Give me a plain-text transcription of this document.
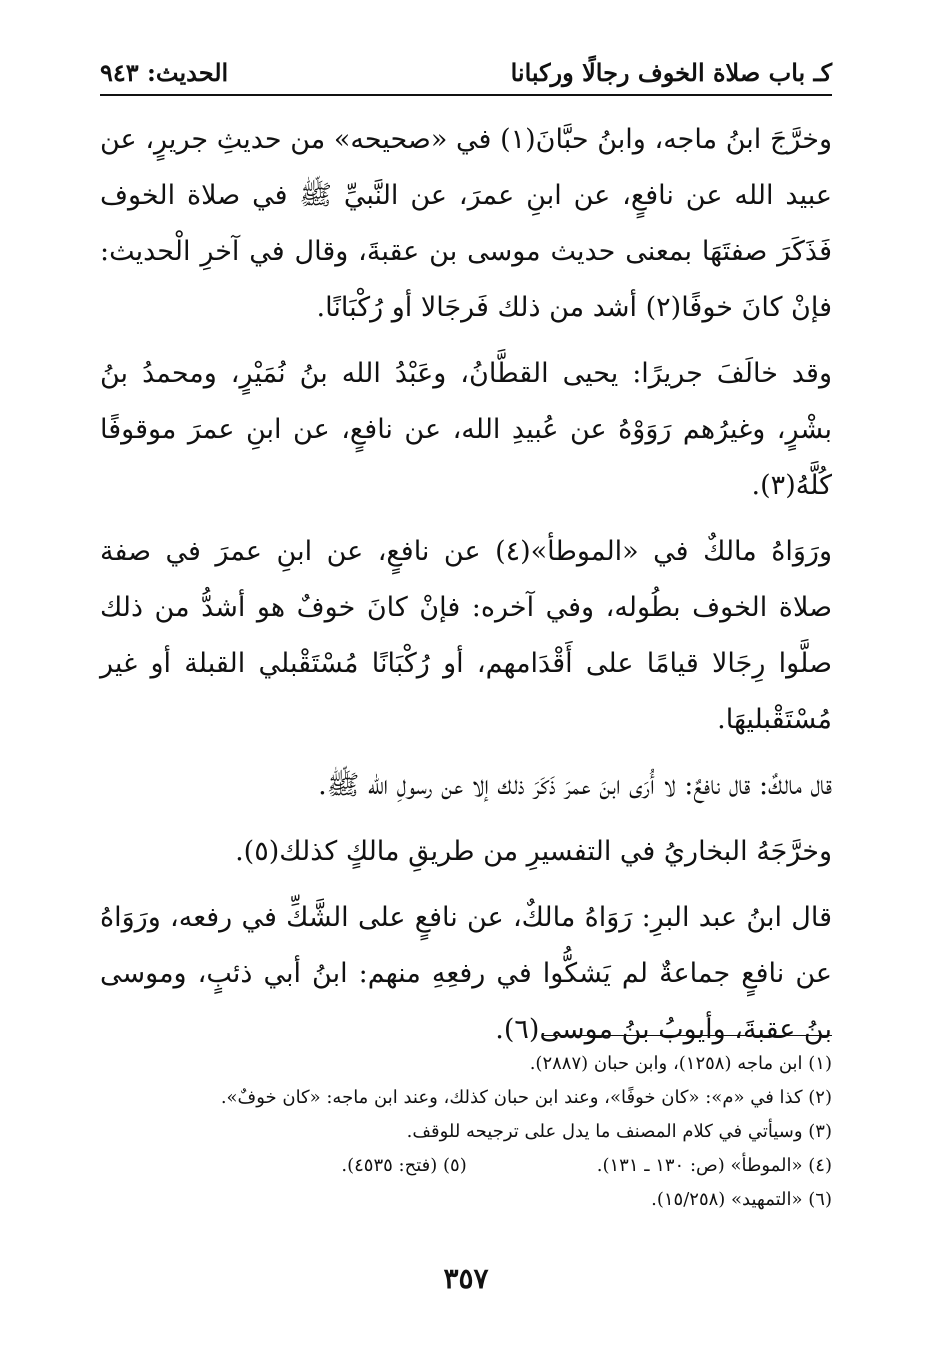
كـ باب صلاة الخوف رجالًا وركبانا
الحديث: ٩٤٣

وخرَّجَ ابنُ ماجه، وابنُ حبَّانَ(١) في «صحيحه» من حديثِ جريرٍ، عن عبيد الله عن نافعٍ، عن ابنِ عمرَ، عن النَّبيِّ ﷺ في صلاة الخوف فَذَكَرَ صفتَهَا بمعنى حديث موسى بن عقبةَ، وقال في آخرِ الْحديث: فإنْ كانَ خوفًا(٢) أشد من ذلك فَرجَالا أو رُكْبَانًا.

وقد خالَفَ جريرًا: يحيى القطَّانُ، وعَبْدُ الله بنُ نُمَيْرٍ، ومحمدُ بنُ بشْرٍ، وغيرُهم رَوَوْهُ عن عُبيدِ الله، عن نافعٍ، عن ابنِ عمرَ موقوفًا كُلَّهُ(٣).

ورَوَاهُ مالكٌ في «الموطأ»(٤) عن نافعٍ، عن ابنِ عمرَ في صفة صلاة الخوف بطُوله، وفي آخره: فإنْ كانَ خوفٌ هو أشدُّ من ذلك صلَّوا رِجَالا قيامًا على أَقْدَامهم، أو رُكْبَانًا مُسْتَقْبلي القبلة أو غير مُسْتَقْبليهَا.

قال مالكٌ: قال نافعٌ: لا أُرَى ابنَ عمرَ ذَكَرَ ذلك إلا عن رسولِ الله ﷺ.

وخرَّجَهُ البخاريُ في التفسيرِ من طريقِ مالكٍ كذلك(٥).

قال ابنُ عبد البرِ: رَوَاهُ مالكٌ، عن نافعٍ على الشَّكِّ في رفعه، ورَوَاهُ عن نافعٍ جماعةٌ لم يَشكُّوا في رفعِهِ منهم: ابنُ أبي ذئبٍ، وموسى بنُ عقبةَ، وأيوبُ بنُ موسى(٦).

(١) ابن ماجه (١٢٥٨)، وابن حبان (٢٨٨٧).

(٢) كذا في «م»: «كان خوفًا»، وعند ابن حبان كذلك، وعند ابن ماجه: «كان خوفٌ».

(٣) وسيأتي في كلام المصنف ما يدل على ترجيحه للوقف.

(٤) «الموطأ» (ص: ١٣٠ ـ ١٣١).
(٥) (فتح: ٤٥٣٥).

(٦) «التمهيد» (١٥/٢٥٨).

٣٥٧
